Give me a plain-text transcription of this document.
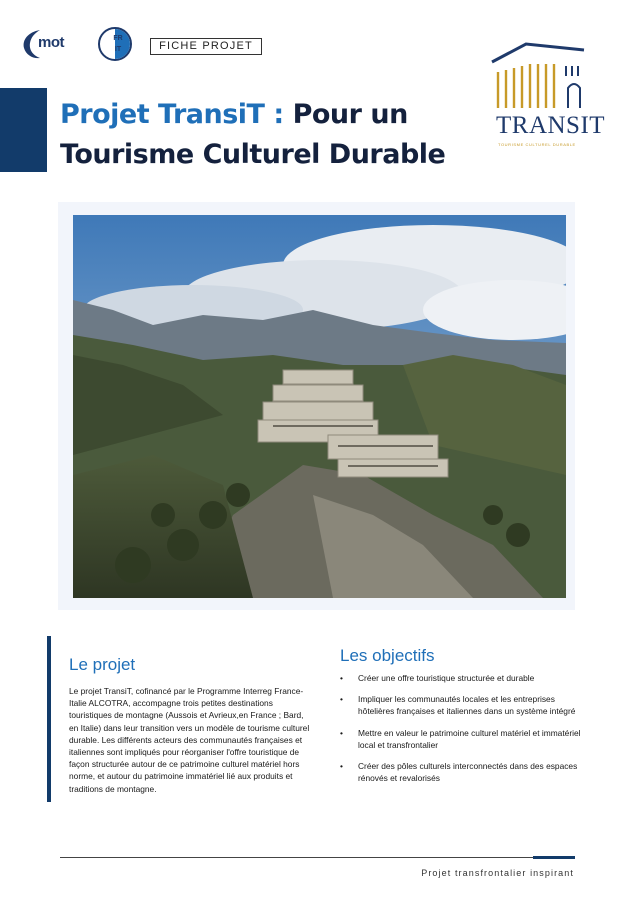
mot	FR
IT	FICHE PROJET
TRANSIT
TOURISME CULTUREL DURABLE
Projet TransiT : Pour un Tourisme Culturel Durable
Le projet

Le projet TransiT, cofinancé par le Programme Interreg France-Italie ALCOTRA, accompagne trois petites destinations touristiques de montagne (Aussois et Avrieux,en France ; Bard, en Italie) dans leur transition vers un modèle de tourisme culturel durable. Les différents acteurs des communautés françaises et italiennes sont impliqués pour réorganiser l'offre touristique de façon structurée autour de ce patrimoine culturel matériel hors norme, et autour du patrimoine immatériel lié aux produits et traditions de montagne.

Les objectifs
•	Créer une offre touristique structurée et durable
•	Impliquer les communautés locales et les entreprises hôtelières françaises et italiennes dans un système intégré
•	Mettre en valeur le patrimoine culturel matériel et immatériel local et transfrontalier
•	Créer des pôles culturels interconnectés dans des espaces rénovés et revalorisés
Projet transfrontalier inspirant
